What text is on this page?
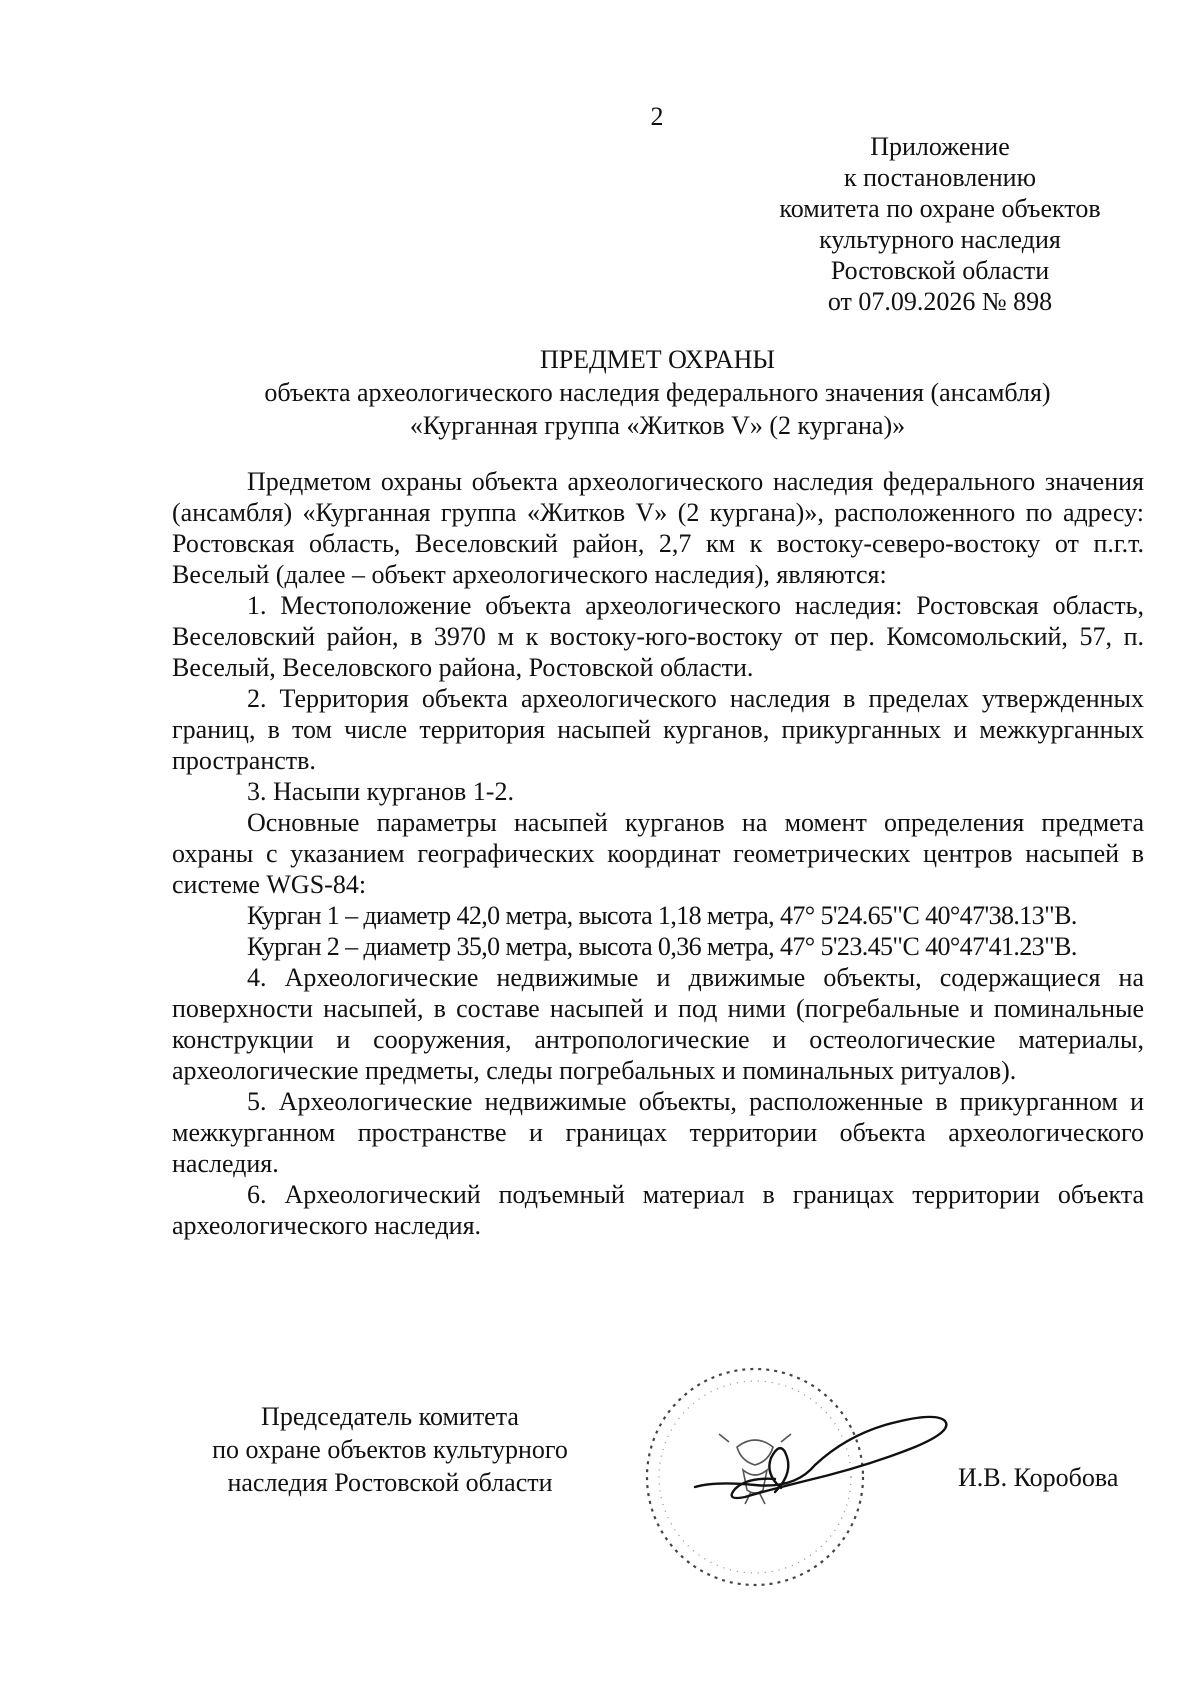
2
Приложение
к постановлению
комитета по охране объектов
культурного наследия
Ростовской области
от 07.09.2026 № 898
ПРЕДМЕТ ОХРАНЫ
объекта археологического наследия федерального значения (ансамбля)
«Курганная группа «Житков V» (2 кургана)»

Предметом охраны объекта археологического наследия федерального значения (ансамбля) «Курганная группа «Житков V» (2 кургана)», расположенного по адресу: Ростовская область, Веселовский район, 2,7 км к востоку-северо-востоку от п.г.т. Веселый (далее – объект археологического наследия), являются:

1. Местоположение объекта археологического наследия: Ростовская область, Веселовский район, в 3970 м к востоку-юго-востоку от пер. Комсомольский, 57, п. Веселый, Веселовского района, Ростовской области.

2. Территория объекта археологического наследия в пределах утвержденных границ, в том числе территория насыпей курганов, прикурганных и межкурганных пространств.

3. Насыпи курганов 1-2.

Основные параметры насыпей курганов на момент определения предмета охраны с указанием географических координат геометрических центров насыпей в системе WGS-84:

Курган 1 – диаметр 42,0 метра, высота 1,18 метра, 47° 5'24.65"С 40°47'38.13"В.

Курган 2 – диаметр 35,0 метра, высота 0,36 метра, 47° 5'23.45"С 40°47'41.23"В.

4. Археологические недвижимые и движимые объекты, содержащиеся на поверхности насыпей, в составе насыпей и под ними (погребальные и поминальные конструкции и сооружения, антропологические и остеологические материалы, археологические предметы, следы погребальных и поминальных ритуалов).

5. Археологические недвижимые объекты, расположенные в прикурганном и межкурганном пространстве и границах территории объекта археологического наследия.

6. Археологический подъемный материал в границах территории объекта археологического наследия.

Председатель комитета
по охране объектов культурного
наследия Ростовской области	И.В. Коробова
